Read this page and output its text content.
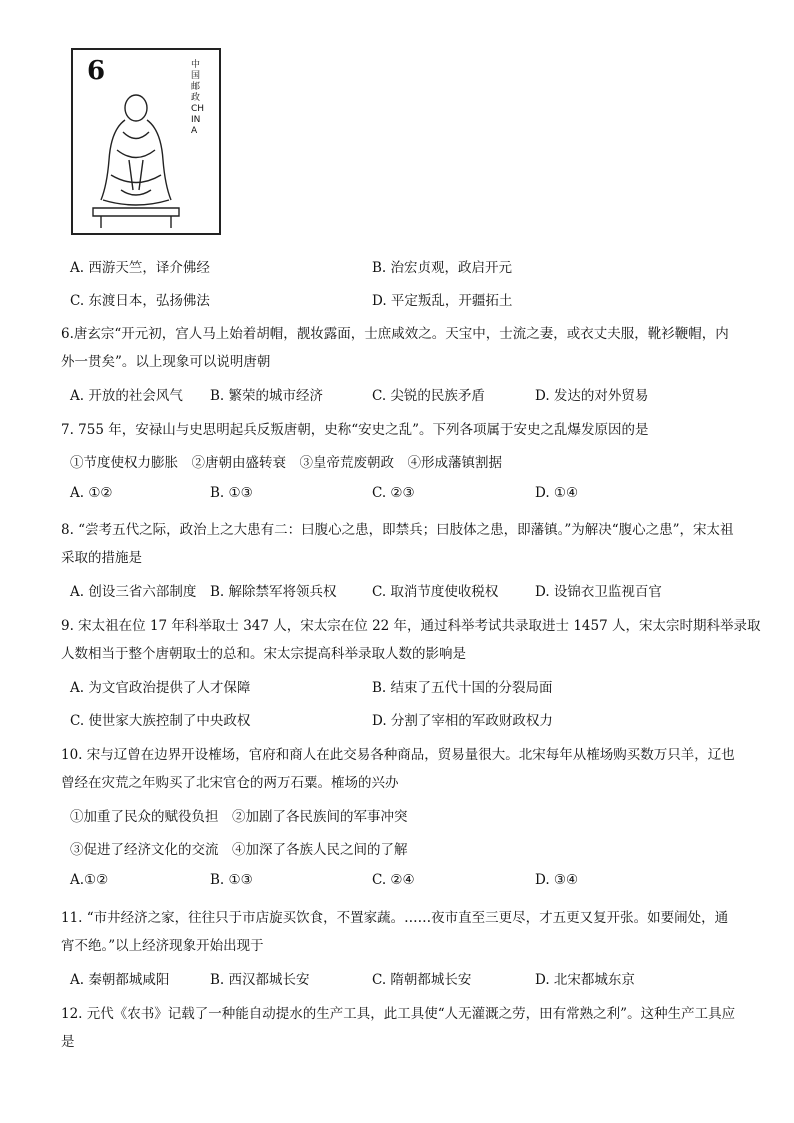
6	中国邮政CHINA
A. 西游天竺，译介佛经	B. 治宏贞观，政启开元
C. 东渡日本，弘扬佛法	D. 平定叛乱，开疆拓土
6.唐玄宗“开元初，宫人马上始着胡帽，靓妆露面，士庶咸效之。天宝中，士流之妻，或衣丈夫服，靴衫鞭帽，内
外一贯矣”。以上现象可以说明唐朝
A. 开放的社会风气 B. 繁荣的城市经济	C. 尖锐的民族矛盾	D. 发达的对外贸易
7. 755 年，安禄山与史思明起兵反叛唐朝，史称“安史之乱”。下列各项属于安史之乱爆发原因的是
①节度使权力膨胀　②唐朝由盛转衰　③皇帝荒废朝政　④形成藩镇割据
A. ①②	B. ①③	C. ②③	D. ①④
8. “尝考五代之际，政治上之大患有二：曰腹心之患，即禁兵；曰肢体之患，即藩镇。”为解决“腹心之患”，宋太祖
采取的措施是
A. 创设三省六部制度 B. 解除禁军将领兵权	C. 取消节度使收税权	D. 设锦衣卫监视百官
9. 宋太祖在位 17 年科举取士 347 人，宋太宗在位 22 年，通过科举考试共录取进士 1457 人，宋太宗时期科举录取
人数相当于整个唐朝取士的总和。宋太宗提高科举录取人数的影响是
A. 为文官政治提供了人才保障	B. 结束了五代十国的分裂局面
C. 使世家大族控制了中央政权	D. 分割了宰相的军政财政权力
10. 宋与辽曾在边界开设榷场，官府和商人在此交易各种商品，贸易量很大。北宋每年从榷场购买数万只羊，辽也
曾经在灾荒之年购买了北宋官仓的两万石粟。榷场的兴办
①加重了民众的赋役负担　②加剧了各民族间的军事冲突
③促进了经济文化的交流　④加深了各族人民之间的了解
A.①②	B. ①③	C. ②④	D. ③④
11. “市井经济之家，往往只于市店旋买饮食，不置家蔬。……夜市直至三更尽，才五更又复开张。如要闹处，通
宵不绝。”以上经济现象开始出现于
A. 秦朝都城咸阳	B. 西汉都城长安	C. 隋朝都城长安	D. 北宋都城东京
12. 元代《农书》记载了一种能自动提水的生产工具，此工具使“人无灌溉之劳，田有常熟之利”。这种生产工具应
是
